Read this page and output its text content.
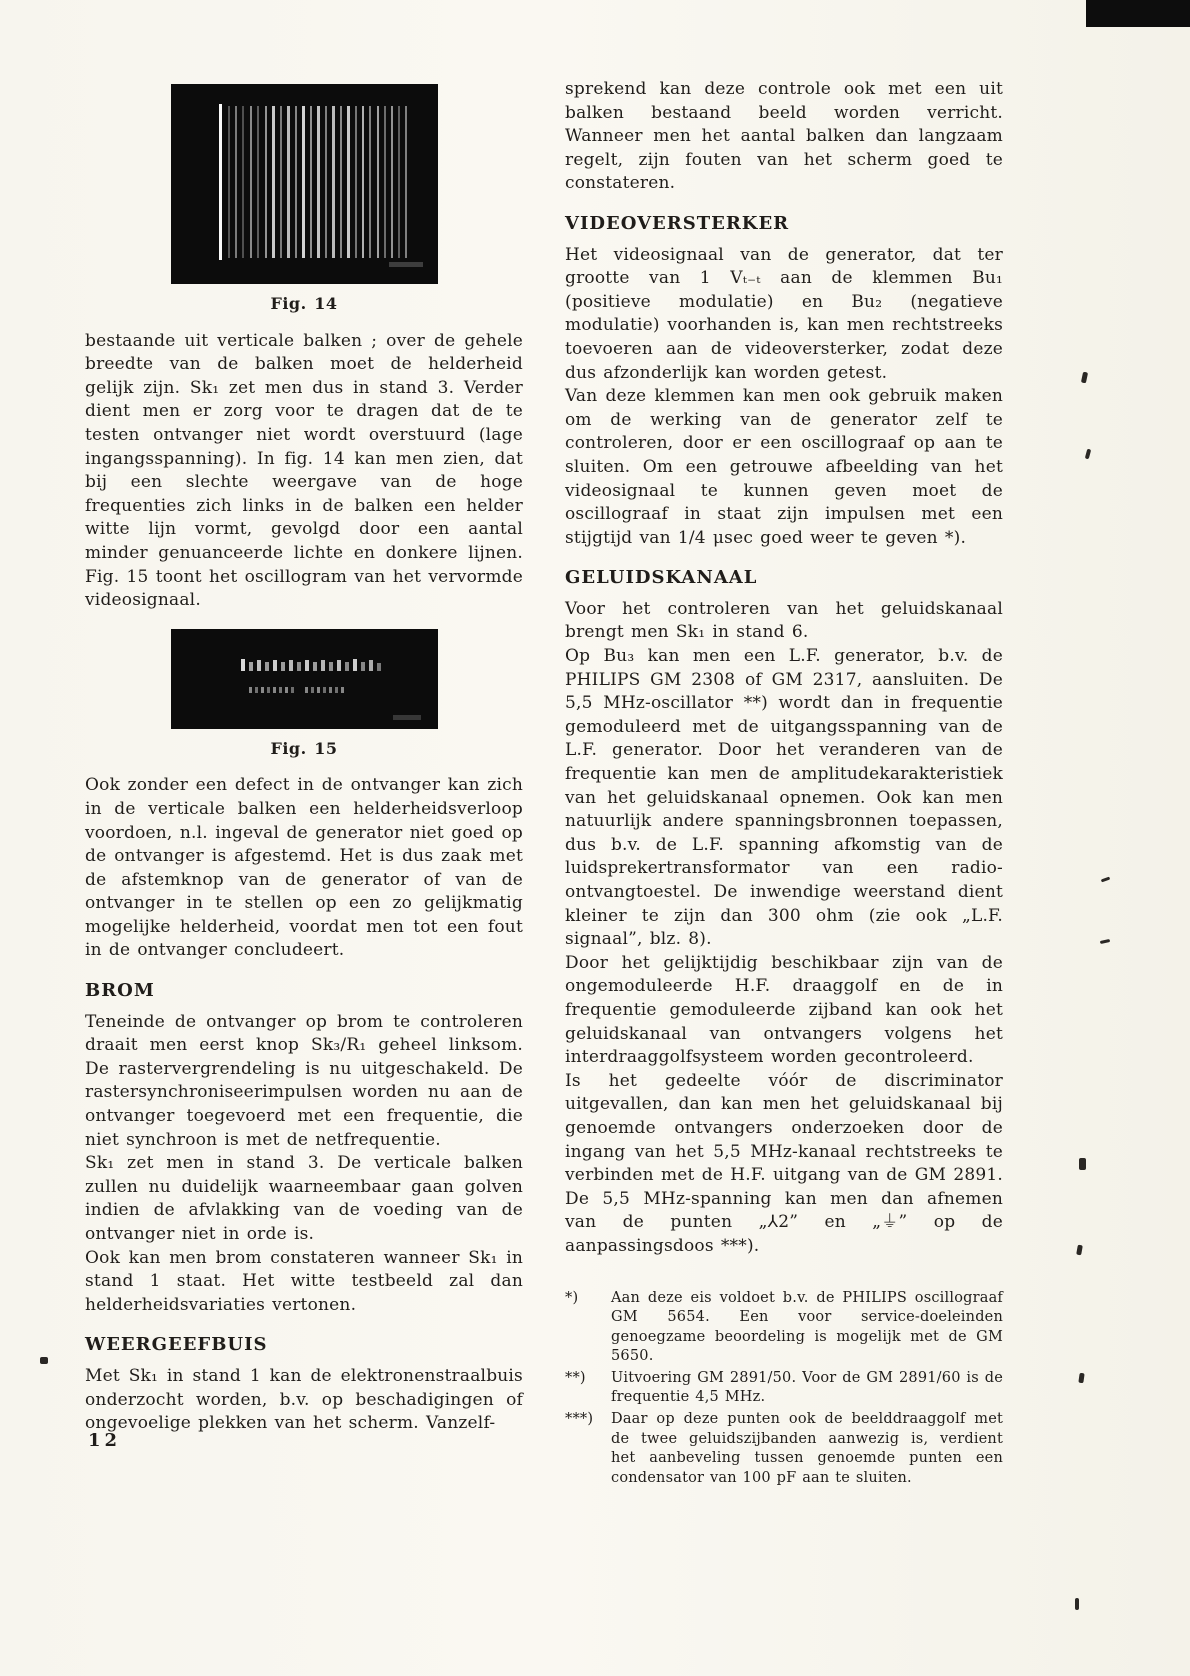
Fig. 14

bestaande uit verticale balken ; over de gehele breedte van de balken moet de helderheid gelijk zijn. Sk₁ zet men dus in stand 3. Verder dient men er zorg voor te dragen dat de te testen ontvanger niet wordt overstuurd (lage ingangsspanning). In fig. 14 kan men zien, dat bij een slechte weergave van de hoge frequenties zich links in de balken een helder witte lijn vormt, gevolgd door een aantal minder genuanceerde lichte en donkere lijnen. Fig. 15 toont het oscillogram van het vervormde videosignaal.

Fig. 15

Ook zonder een defect in de ontvanger kan zich in de verticale balken een helderheidsverloop voordoen, n.l. ingeval de generator niet goed op de ontvanger is afgestemd. Het is dus zaak met de afstemknop van de generator of van de ontvanger in te stellen op een zo gelijkmatig mogelijke helderheid, voordat men tot een fout in de ontvanger concludeert.

BROM

Teneinde de ontvanger op brom te controleren draait men eerst knop Sk₃/R₁ geheel linksom. De rastervergrendeling is nu uitgeschakeld. De rastersynchroniseerimpulsen worden nu aan de ontvanger toegevoerd met een frequentie, die niet synchroon is met de netfrequentie.

Sk₁ zet men in stand 3. De verticale balken zullen nu duidelijk waarneembaar gaan golven indien de afvlakking van de voeding van de ontvanger niet in orde is.

Ook kan men brom constateren wanneer Sk₁ in stand 1 staat. Het witte testbeeld zal dan helderheidsvariaties vertonen.

WEERGEEFBUIS

Met Sk₁ in stand 1 kan de elektronenstraalbuis onderzocht worden, b.v. op beschadigingen of ongevoelige plekken van het scherm. Vanzelf-

sprekend kan deze controle ook met een uit balken bestaand beeld worden verricht. Wanneer men het aantal balken dan langzaam regelt, zijn fouten van het scherm goed te constateren.

VIDEOVERSTERKER

Het videosignaal van de generator, dat ter grootte van 1 Vₜ₋ₜ aan de klemmen Bu₁ (positieve modulatie) en Bu₂ (negatieve modulatie) voorhanden is, kan men rechtstreeks toevoeren aan de videoversterker, zodat deze dus afzonderlijk kan worden getest.

Van deze klemmen kan men ook gebruik maken om de werking van de generator zelf te controleren, door er een oscillograaf op aan te sluiten. Om een getrouwe afbeelding van het videosignaal te kunnen geven moet de oscillograaf in staat zijn impulsen met een stijgtijd van 1/4 μsec goed weer te geven *).

GELUIDSKANAAL

Voor het controleren van het geluidskanaal brengt men Sk₁ in stand 6.

Op Bu₃ kan men een L.F. generator, b.v. de PHILIPS GM 2308 of GM 2317, aansluiten. De 5,5 MHz-oscillator **) wordt dan in frequentie gemoduleerd met de uitgangsspanning van de L.F. generator. Door het veranderen van de frequentie kan men de amplitudekarakteristiek van het geluidskanaal opnemen. Ook kan men natuurlijk andere spanningsbronnen toepassen, dus b.v. de L.F. spanning afkomstig van de luidsprekertransformator van een radio-ontvangtoestel. De inwendige weerstand dient kleiner te zijn dan 300 ohm (zie ook „L.F. signaal”, blz. 8).

Door het gelijktijdig beschikbaar zijn van de ongemoduleerde H.F. draaggolf en de in frequentie gemoduleerde zijband kan ook het geluidskanaal van ontvangers volgens het interdraaggolfsysteem worden gecontroleerd.

Is het gedeelte vóór de discriminator uitgevallen, dan kan men het geluidskanaal bij genoemde ontvangers onderzoeken door de ingang van het 5,5 MHz-kanaal rechtstreeks te verbinden met de H.F. uitgang van de GM 2891. De 5,5 MHz-spanning kan men dan afnemen van de punten „⅄2” en „⏚” op de aanpassingsdoos ***).

*)	Aan deze eis voldoet b.v. de PHILIPS oscillograaf GM 5654. Een voor service-doeleinden genoegzame beoordeling is mogelijk met de GM 5650.
**)	Uitvoering GM 2891/50. Voor de GM 2891/60 is de frequentie 4,5 MHz.
***)	Daar op deze punten ook de beelddraaggolf met de twee geluidszijbanden aanwezig is, verdient het aanbeveling tussen genoemde punten een condensator van 100 pF aan te sluiten.
12
